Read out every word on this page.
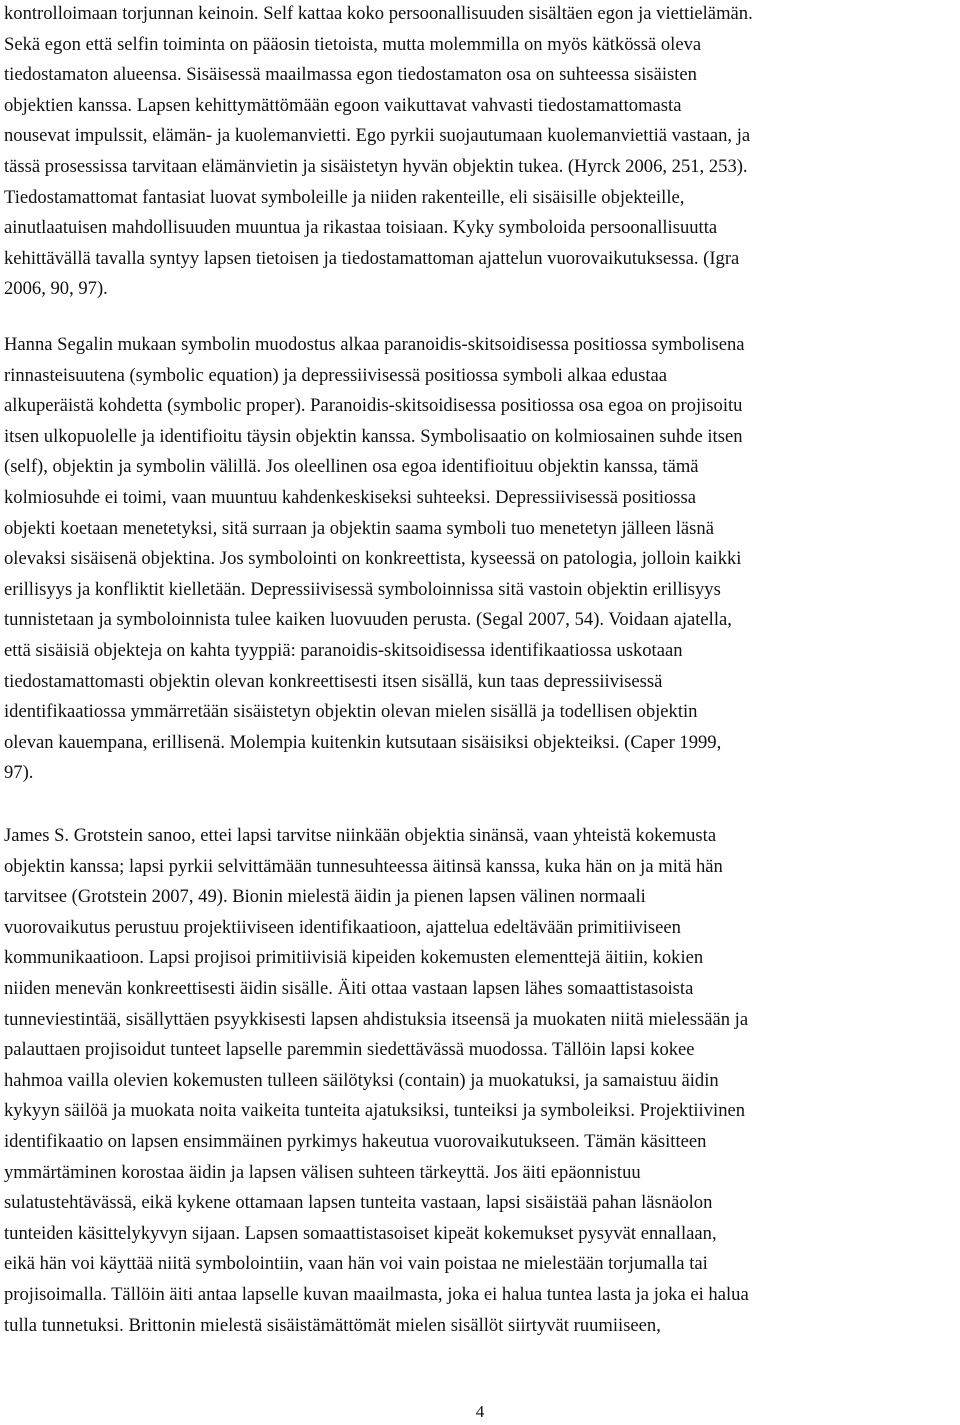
kontrolloimaan torjunnan keinoin. Self kattaa koko persoonallisuuden sisältäen egon ja viettielämän.
Sekä egon että selfin toiminta on pääosin tietoista, mutta molemmilla on myös kätkössä oleva
tiedostamaton alueensa. Sisäisessä maailmassa egon tiedostamaton osa on suhteessa sisäisten
objektien kanssa. Lapsen kehittymättömään egoon vaikuttavat vahvasti tiedostamattomasta
nousevat impulssit, elämän- ja kuolemanvietti. Ego pyrkii suojautumaan kuolemanviettiä vastaan, ja
tässä prosessissa tarvitaan elämänvietin ja sisäistetyn hyvän objektin tukea. (Hyrck 2006, 251, 253).
Tiedostamattomat fantasiat luovat symboleille ja niiden rakenteille, eli sisäisille objekteille,
ainutlaatuisen mahdollisuuden muuntua ja rikastaa toisiaan. Kyky symboloida persoonallisuutta
kehittävällä tavalla syntyy lapsen tietoisen ja tiedostamattoman ajattelun vuorovaikutuksessa. (Igra
2006, 90, 97).
Hanna Segalin mukaan symbolin muodostus alkaa paranoidis-skitsoidisessa positiossa symbolisena
rinnasteisuutena (symbolic equation) ja depressiivisessä positiossa symboli alkaa edustaa
alkuperäistä kohdetta (symbolic proper). Paranoidis-skitsoidisessa positiossa osa egoa on projisoitu
itsen ulkopuolelle ja identifioitu täysin objektin kanssa. Symbolisaatio on kolmiosainen suhde itsen
(self), objektin ja symbolin välillä. Jos oleellinen osa egoa identifioituu objektin kanssa, tämä
kolmiosuhde ei toimi, vaan muuntuu kahdenkeskiseksi suhteeksi. Depressiivisessä positiossa
objekti koetaan menetetyksi, sitä surraan ja objektin saama symboli tuo menetetyn jälleen läsnä
olevaksi sisäisenä objektina. Jos symbolointi on konkreettista, kyseessä on patologia, jolloin kaikki
erillisyys ja konfliktit kielletään. Depressiivisessä symboloinnissa sitä vastoin objektin erillisyys
tunnistetaan ja symboloinnista tulee kaiken luovuuden perusta. (Segal 2007, 54). Voidaan ajatella,
että sisäisiä objekteja on kahta tyyppiä: paranoidis-skitsoidisessa identifikaatiossa uskotaan
tiedostamattomasti objektin olevan konkreettisesti itsen sisällä, kun taas depressiivisessä
identifikaatiossa ymmärretään sisäistetyn objektin olevan mielen sisällä ja todellisen objektin
olevan kauempana, erillisenä. Molempia kuitenkin kutsutaan sisäisiksi objekteiksi. (Caper 1999,
97).
James S. Grotstein sanoo, ettei lapsi tarvitse niinkään objektia sinänsä, vaan yhteistä kokemusta
objektin kanssa; lapsi pyrkii selvittämään tunnesuhteessa äitinsä kanssa, kuka hän on ja mitä hän
tarvitsee (Grotstein 2007, 49). Bionin mielestä äidin ja pienen lapsen välinen normaali
vuorovaikutus perustuu projektiiviseen identifikaatioon, ajattelua edeltävään primitiiviseen
kommunikaatioon. Lapsi projisoi primitiivisiä kipeiden kokemusten elementtejä äitiin, kokien
niiden menevän konkreettisesti äidin sisälle. Äiti ottaa vastaan lapsen lähes somaattistasoista
tunneviestintää, sisällyttäen psyykkisesti lapsen ahdistuksia itseensä ja muokaten niitä mielessään ja
palauttaen projisoidut tunteet lapselle paremmin siedettävässä muodossa. Tällöin lapsi kokee
hahmoa vailla olevien kokemusten tulleen säilötyksi (contain) ja muokatuksi, ja samaistuu äidin
kykyyn säilöä ja muokata noita vaikeita tunteita ajatuksiksi, tunteiksi ja symboleiksi. Projektiivinen
identifikaatio on lapsen ensimmäinen pyrkimys hakeutua vuorovaikutukseen. Tämän käsitteen
ymmärtäminen korostaa äidin ja lapsen välisen suhteen tärkeyttä. Jos äiti epäonnistuu
sulatustehtävässä, eikä kykene ottamaan lapsen tunteita vastaan, lapsi sisäistää pahan läsnäolon
tunteiden käsittelykyvyn sijaan. Lapsen somaattistasoiset kipeät kokemukset pysyvät ennallaan,
eikä hän voi käyttää niitä symbolointiin, vaan hän voi vain poistaa ne mielestään torjumalla tai
projisoimalla. Tällöin äiti antaa lapselle kuvan maailmasta, joka ei halua tuntea lasta ja joka ei halua
tulla tunnetuksi. Brittonin mielestä sisäistämättömät mielen sisällöt siirtyvät ruumiiseen,
4
